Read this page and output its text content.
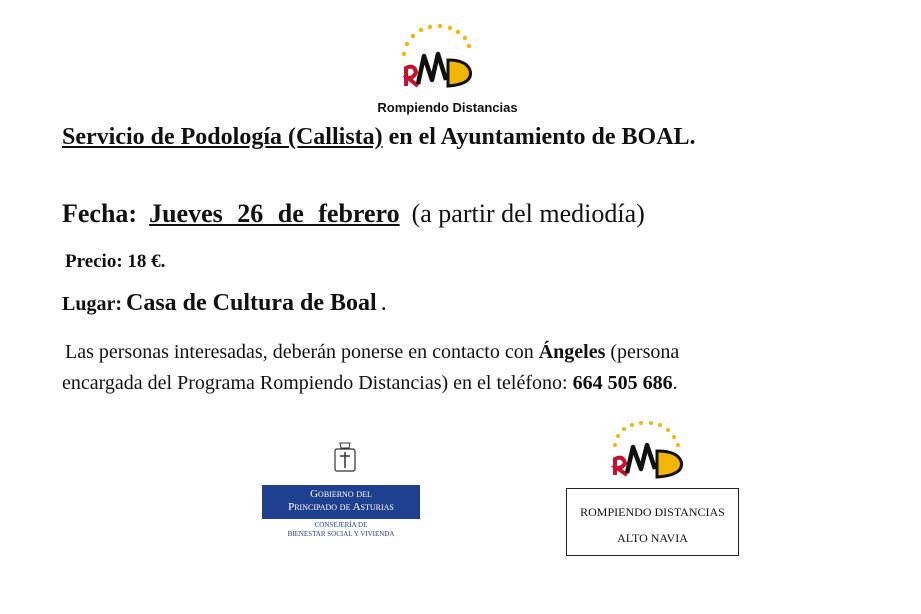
Rompiendo Distancias
Servicio de Podología (Callista) en el Ayuntamiento de BOAL.
Fecha: Jueves 26 de febrero (a partir del mediodía)
Precio: 18 €.
Lugar: Casa de Cultura de Boal .
Las personas interesadas, deberán ponerse en contacto con Ángeles (persona
encargada del Programa Rompiendo Distancias) en el teléfono: 664 505 686.
Gobierno del
Principado de Asturias
CONSEJERÍA DE
BIENESTAR SOCIAL Y VIVIENDA
ROMPIENDO DISTANCIAS
ALTO NAVIA
